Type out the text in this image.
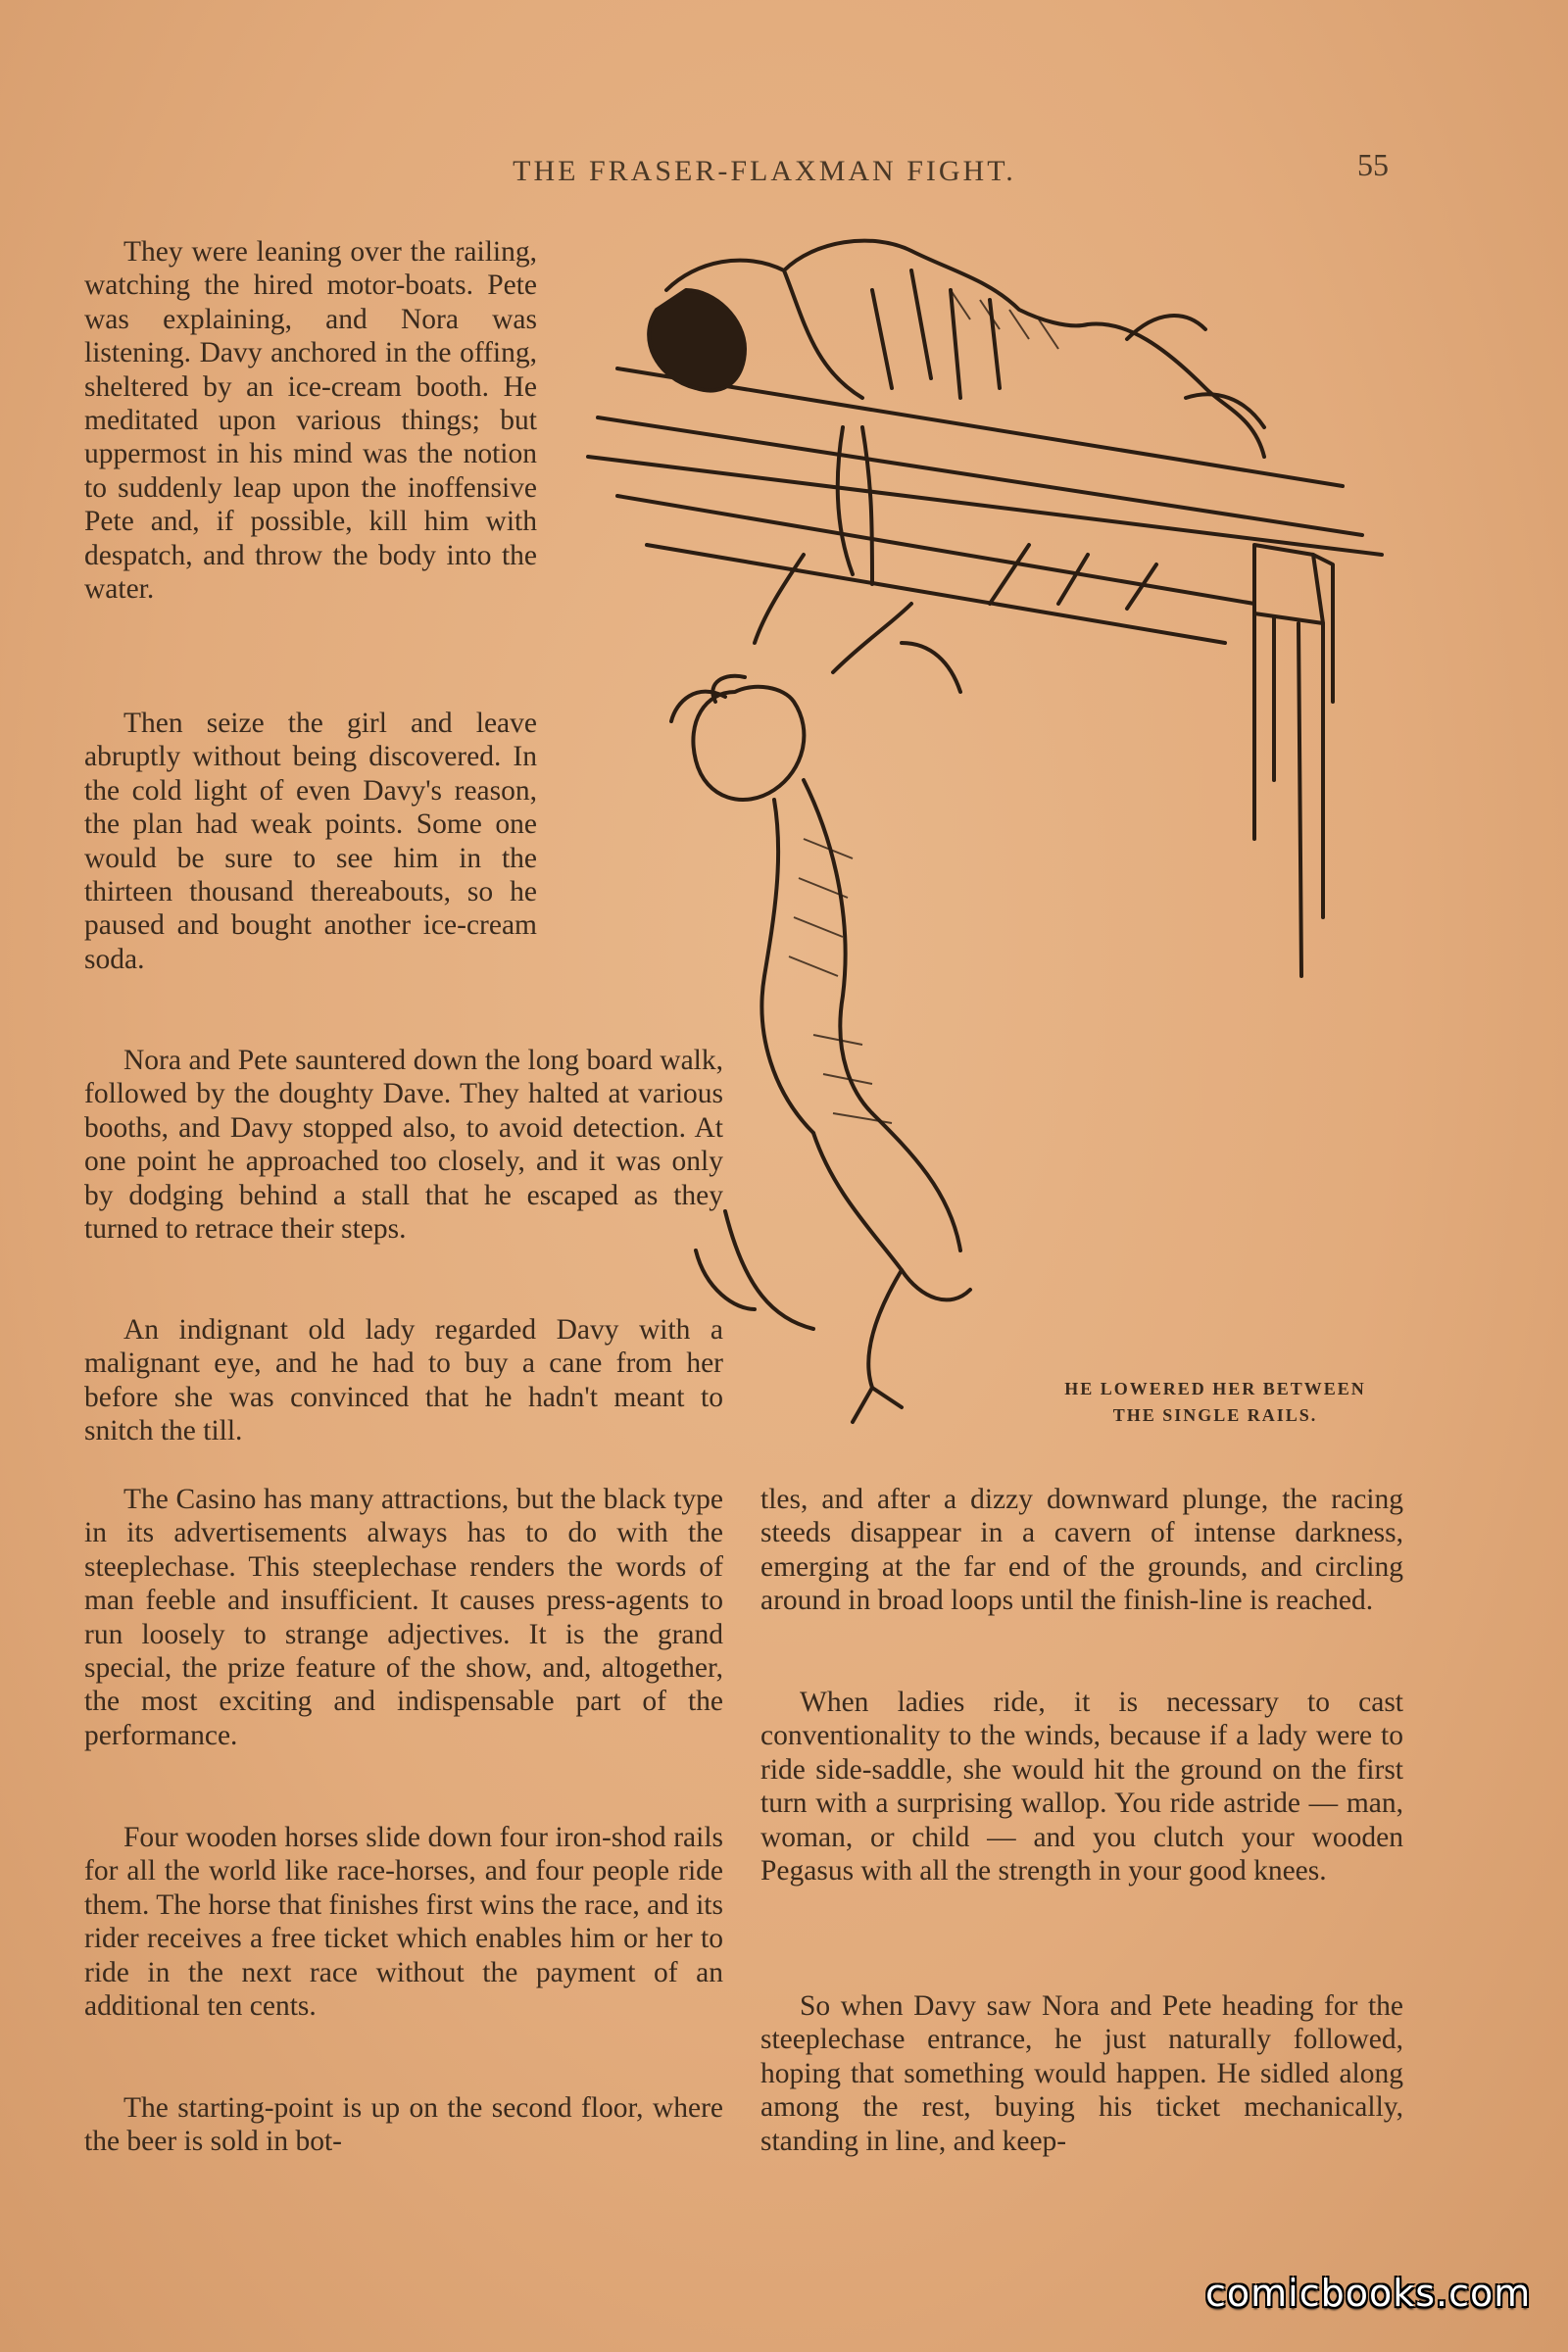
THE FRASER-FLAXMAN FIGHT.	55

They were leaning over the railing, watching the hired motor-boats. Pete was explaining, and Nora was listening. Davy anchored in the offing, sheltered by an ice-cream booth. He meditated upon various things; but uppermost in his mind was the notion to suddenly leap upon the inoffensive Pete and, if possible, kill him with despatch, and throw the body into the water.

Then seize the girl and leave abruptly without being discovered. In the cold light of even Davy's reason, the plan had weak points. Some one would be sure to see him in the thirteen thousand thereabouts, so he paused and bought another ice-cream soda.

Nora and Pete sauntered down the long board walk, followed by the doughty Dave. They halted at various booths, and Davy stopped also, to avoid detection. At one point he approached too closely, and it was only by dodging behind a stall that he escaped as they turned to retrace their steps.

An indignant old lady regarded Davy with a malignant eye, and he had to buy a cane from her before she was convinced that he hadn't meant to snitch the till.

The Casino has many attractions, but the black type in its advertisements always has to do with the steeplechase. This steeplechase renders the words of man feeble and insufficient. It causes press-agents to run loosely to strange adjectives. It is the grand special, the prize feature of the show, and, altogether, the most exciting and indispensable part of the performance.

Four wooden horses slide down four iron-shod rails for all the world like race-horses, and four people ride them. The horse that finishes first wins the race, and its rider receives a free ticket which enables him or her to ride in the next race without the payment of an additional ten cents.

The starting-point is up on the second floor, where the beer is sold in bot-

tles, and after a dizzy downward plunge, the racing steeds disappear in a cavern of intense darkness, emerging at the far end of the grounds, and circling around in broad loops until the finish-line is reached.

When ladies ride, it is necessary to cast conventionality to the winds, because if a lady were to ride side-saddle, she would hit the ground on the first turn with a surprising wallop. You ride astride — man, woman, or child — and you clutch your wooden Pegasus with all the strength in your good knees.

So when Davy saw Nora and Pete heading for the steeplechase entrance, he just naturally followed, hoping that something would happen. He sidled along among the rest, buying his ticket mechanically, standing in line, and keep-

HE LOWERED HER BETWEEN
THE SINGLE RAILS.
comicbooks.com
